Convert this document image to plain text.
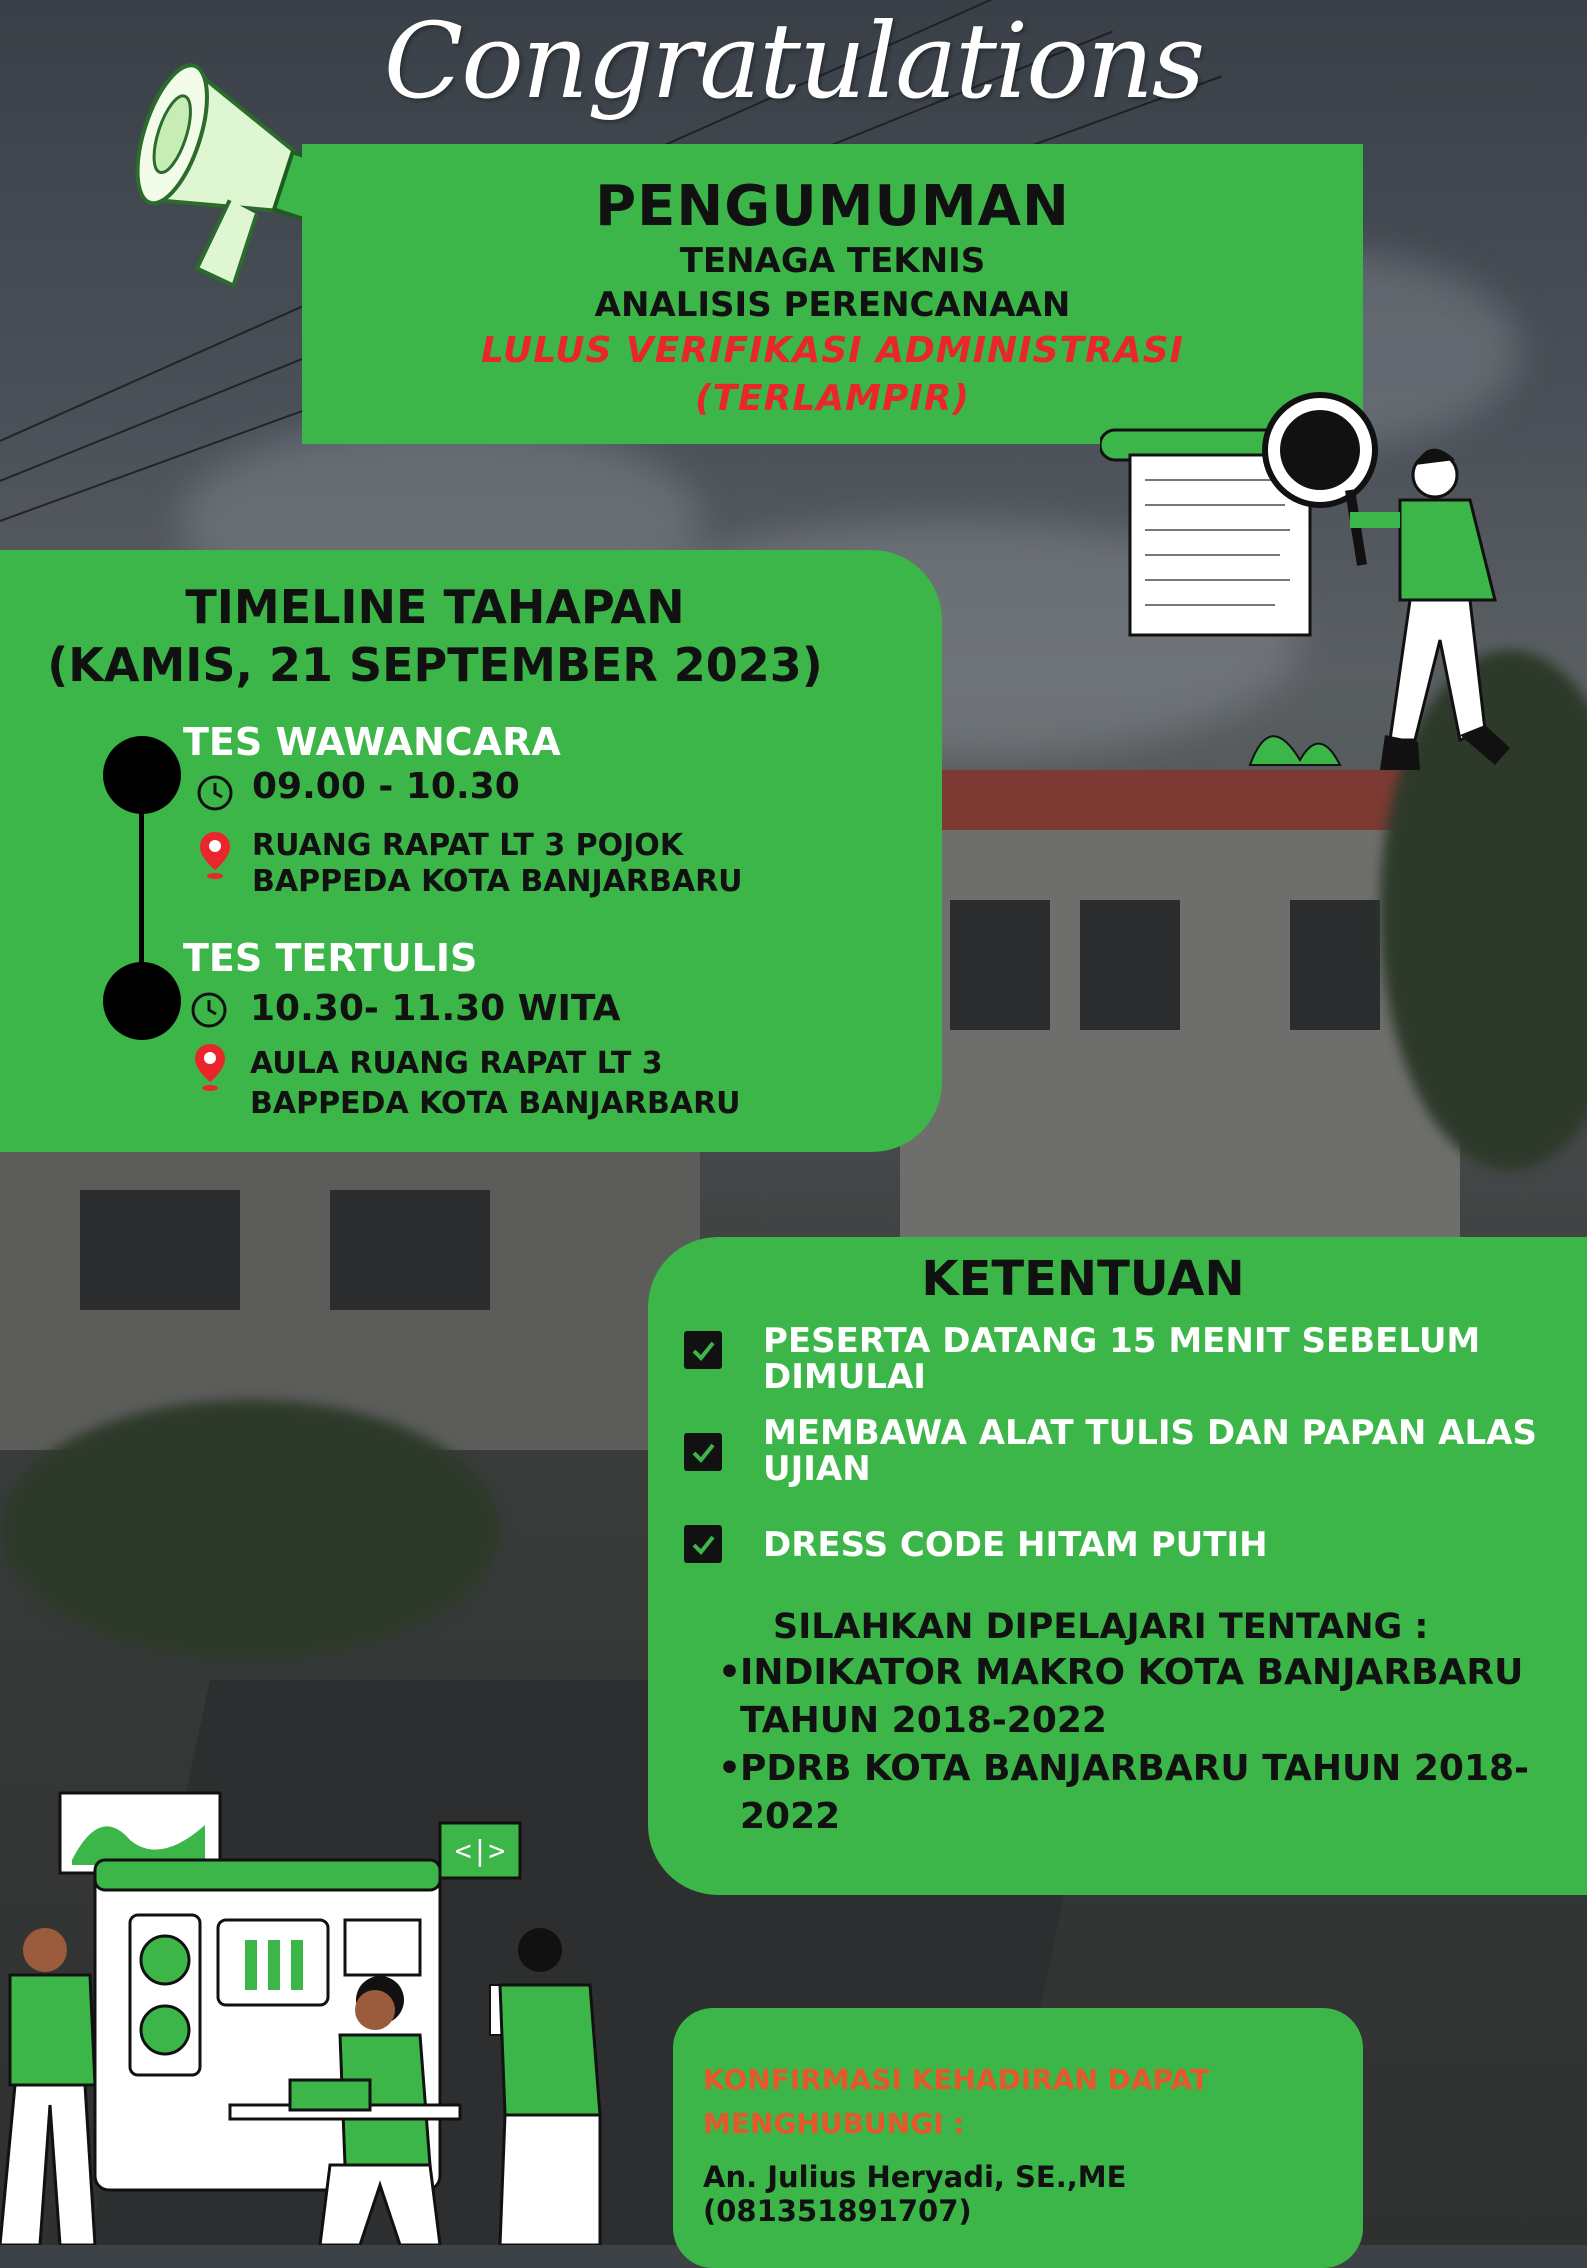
Congratulations
PENGUMUMAN
TENAGA TEKNIS
ANALISIS PERENCANAAN
LULUS VERIFIKASI ADMINISTRASI
(TERLAMPIR)
TIMELINE TAHAPAN
(KAMIS, 21 SEPTEMBER 2023)
TES WAWANCARA
09.00 - 10.30
RUANG RAPAT LT 3 POJOK
BAPPEDA KOTA BANJARBARU
TES TERTULIS
10.30- 11.30 WITA
AULA RUANG RAPAT LT 3
BAPPEDA KOTA BANJARBARU
KETENTUAN
PESERTA DATANG 15 MENIT SEBELUM
DIMULAI
MEMBAWA ALAT TULIS DAN PAPAN ALAS
UJIAN
DRESS CODE HITAM PUTIH
SILAHKAN DIPELAJARI TENTANG :
• INDIKATOR MAKRO KOTA BANJARBARU TAHUN 2018-2022
• PDRB KOTA BANJARBARU TAHUN 2018-2022
<|>
KONFIRMASI KEHADIRAN DAPAT
MENGHUBUNGI :
An. Julius Heryadi, SE.,ME (081351891707)
